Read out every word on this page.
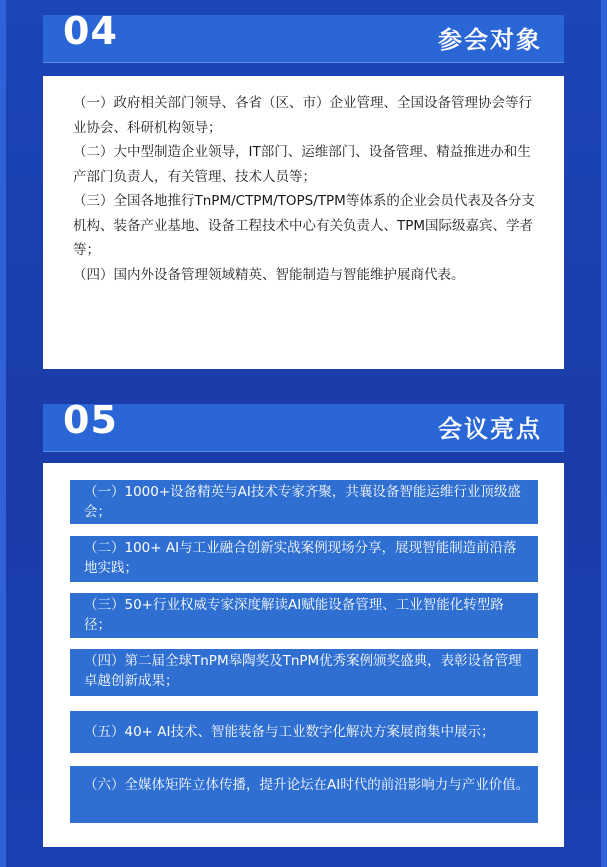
04	参会对象

（一）政府相关部门领导、各省（区、市）企业管理、全国设备管理协会等行业协会、科研机构领导；

（二）大中型制造企业领导，IT部门、运维部门、设备管理、精益推进办和生产部门负责人，有关管理、技术人员等；

（三）全国各地推行TnPM/CTPM/TOPS/TPM等体系的企业会员代表及各分支机构、装备产业基地、设备工程技术中心有关负责人、TPM国际级嘉宾、学者等；

（四）国内外设备管理领域精英、智能制造与智能维护展商代表。

05	会议亮点
（一）1000+设备精英与AI技术专家齐聚，共襄设备智能运维行业顶级盛会；
（二）100+ AI与工业融合创新实战案例现场分享，展现智能制造前沿落地实践；
（三）50+行业权威专家深度解读AI赋能设备管理、工业智能化转型路径；
（四）第二届全球TnPM皋陶奖及TnPM优秀案例颁奖盛典，表彰设备管理卓越创新成果；
（五）40+ AI技术、智能装备与工业数字化解决方案展商集中展示；
（六）全媒体矩阵立体传播，提升论坛在AI时代的前沿影响力与产业价值。
